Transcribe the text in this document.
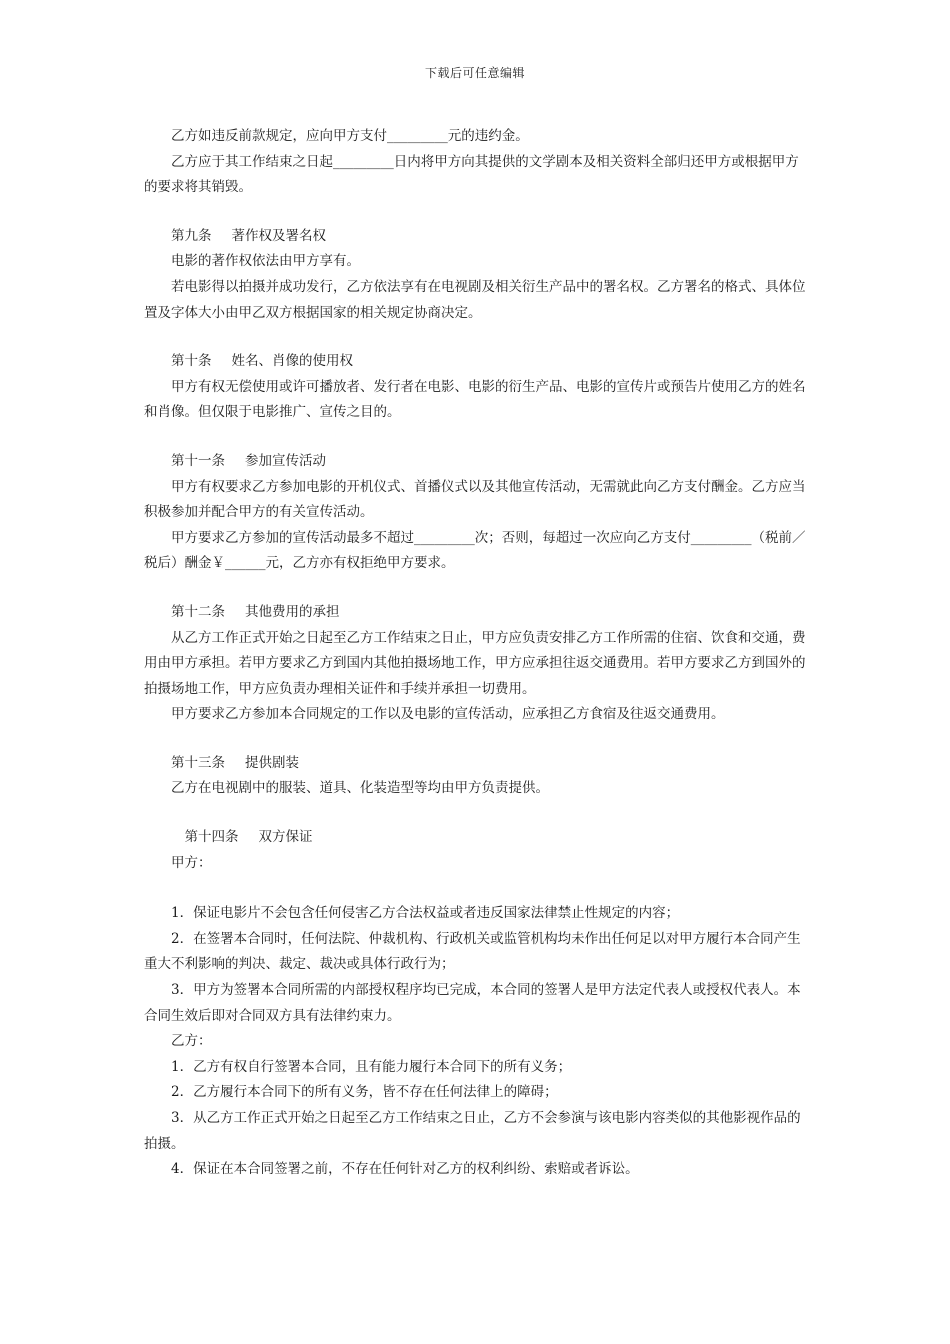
下载后可任意编辑

乙方如违反前款规定，应向甲方支付_________元的违约金。

乙方应于其工作结束之日起_________日内将甲方向其提供的文学剧本及相关资料全部归还甲方或根据甲方的要求将其销毁。

第九条 著作权及署名权

电影的著作权依法由甲方享有。

若电影得以拍摄并成功发行，乙方依法享有在电视剧及相关衍生产品中的署名权。乙方署名的格式、具体位置及字体大小由甲乙双方根据国家的相关规定协商决定。

第十条 姓名、肖像的使用权

甲方有权无偿使用或许可播放者、发行者在电影、电影的衍生产品、电影的宣传片或预告片使用乙方的姓名和肖像。但仅限于电影推广、宣传之目的。

第十一条 参加宣传活动

甲方有权要求乙方参加电影的开机仪式、首播仪式以及其他宣传活动，无需就此向乙方支付酬金。乙方应当积极参加并配合甲方的有关宣传活动。

甲方要求乙方参加的宣传活动最多不超过_________次；否则，每超过一次应向乙方支付_________（税前／税后）酬金￥______元，乙方亦有权拒绝甲方要求。

第十二条 其他费用的承担

从乙方工作正式开始之日起至乙方工作结束之日止，甲方应负责安排乙方工作所需的住宿、饮食和交通，费用由甲方承担。若甲方要求乙方到国内其他拍摄场地工作，甲方应承担往返交通费用。若甲方要求乙方到国外的拍摄场地工作，甲方应负责办理相关证件和手续并承担一切费用。

甲方要求乙方参加本合同规定的工作以及电影的宣传活动，应承担乙方食宿及往返交通费用。

第十三条 提供剧装

乙方在电视剧中的服装、道具、化装造型等均由甲方负责提供。

第十四条 双方保证

甲方：

1．保证电影片不会包含任何侵害乙方合法权益或者违反国家法律禁止性规定的内容；

2．在签署本合同时，任何法院、仲裁机构、行政机关或监管机构均未作出任何足以对甲方履行本合同产生重大不利影响的判决、裁定、裁决或具体行政行为；

3．甲方为签署本合同所需的内部授权程序均已完成，本合同的签署人是甲方法定代表人或授权代表人。本合同生效后即对合同双方具有法律约束力。

乙方：

1．乙方有权自行签署本合同，且有能力履行本合同下的所有义务；

2．乙方履行本合同下的所有义务，皆不存在任何法律上的障碍；

3．从乙方工作正式开始之日起至乙方工作结束之日止，乙方不会参演与该电影内容类似的其他影视作品的拍摄。

4．保证在本合同签署之前，不存在任何针对乙方的权利纠纷、索赔或者诉讼。
